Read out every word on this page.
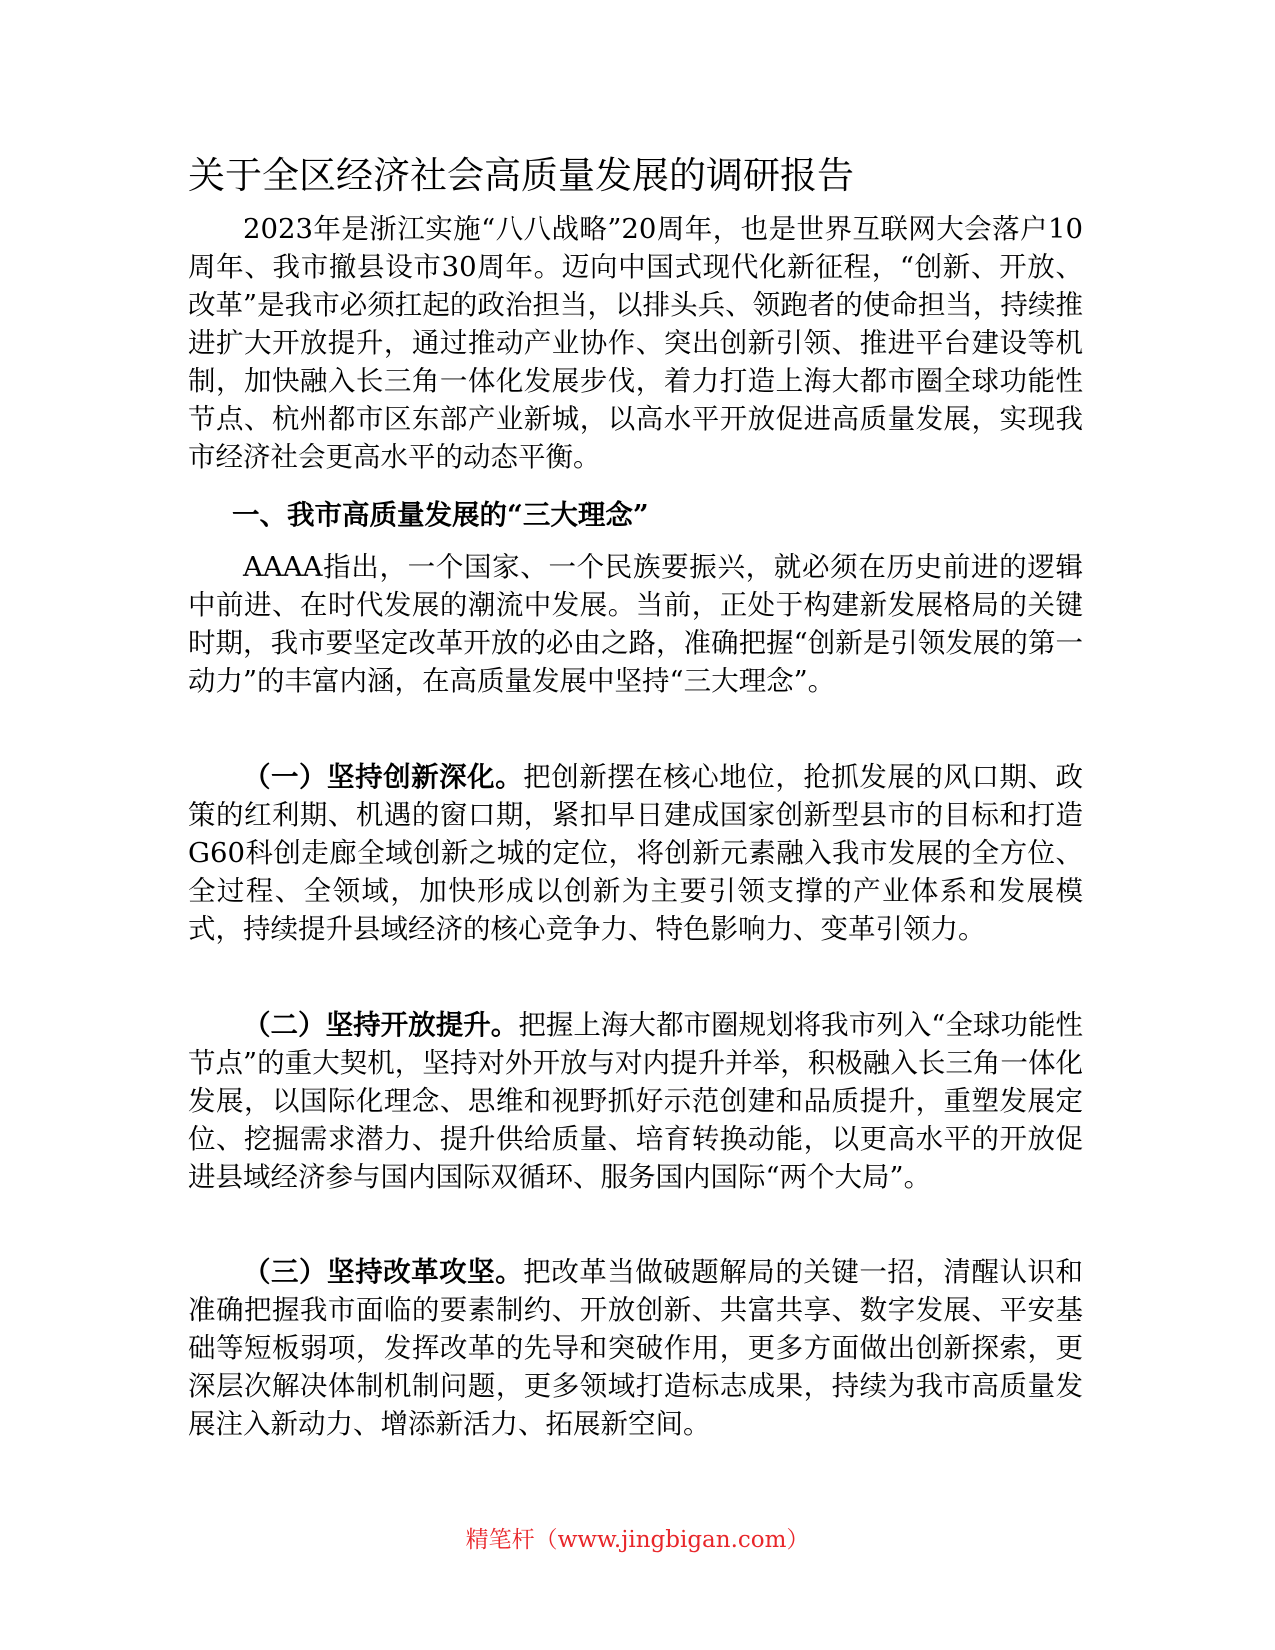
关于全区经济社会高质量发展的调研报告

2023年是浙江实施“八八战略”20周年，也是世界互联网大会落户10周年、我市撤县设市30周年。迈向中国式现代化新征程，“创新、开放、改革”是我市必须扛起的政治担当，以排头兵、领跑者的使命担当，持续推进扩大开放提升，通过推动产业协作、突出创新引领、推进平台建设等机制，加快融入长三角一体化发展步伐，着力打造上海大都市圈全球功能性节点、杭州都市区东部产业新城，以高水平开放促进高质量发展，实现我市经济社会更高水平的动态平衡。

一、我市高质量发展的“三大理念”

AAAA指出，一个国家、一个民族要振兴，就必须在历史前进的逻辑中前进、在时代发展的潮流中发展。当前，正处于构建新发展格局的关键时期，我市要坚定改革开放的必由之路，准确把握“创新是引领发展的第一动力”的丰富内涵，在高质量发展中坚持“三大理念”。

（一）坚持创新深化。把创新摆在核心地位，抢抓发展的风口期、政策的红利期、机遇的窗口期，紧扣早日建成国家创新型县市的目标和打造G60科创走廊全域创新之城的定位，将创新元素融入我市发展的全方位、全过程、全领域，加快形成以创新为主要引领支撑的产业体系和发展模式，持续提升县域经济的核心竞争力、特色影响力、变革引领力。

（二）坚持开放提升。把握上海大都市圈规划将我市列入“全球功能性节点”的重大契机，坚持对外开放与对内提升并举，积极融入长三角一体化发展，以国际化理念、思维和视野抓好示范创建和品质提升，重塑发展定位、挖掘需求潜力、提升供给质量、培育转换动能，以更高水平的开放促进县域经济参与国内国际双循环、服务国内国际“两个大局”。

（三）坚持改革攻坚。把改革当做破题解局的关键一招，清醒认识和准确把握我市面临的要素制约、开放创新、共富共享、数字发展、平安基础等短板弱项，发挥改革的先导和突破作用，更多方面做出创新探索，更深层次解决体制机制问题，更多领域打造标志成果，持续为我市高质量发展注入新动力、增添新活力、拓展新空间。

精笔杆（www.jingbigan.com）
